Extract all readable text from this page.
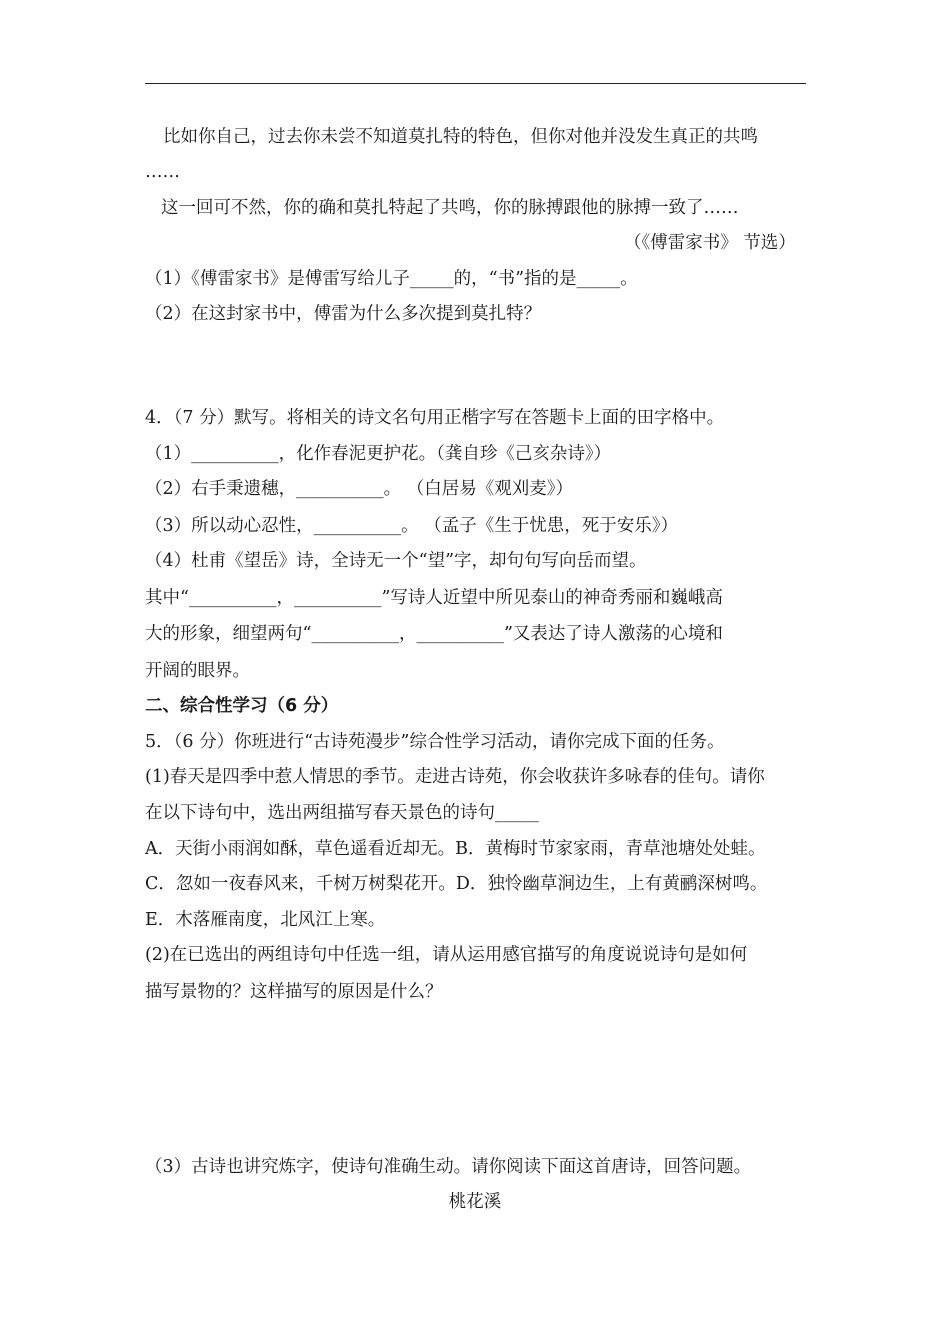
比如你自己，过去你未尝不知道莫扎特的特色，但你对他并没发生真正的共鸣
……
这一回可不然，你的确和莫扎特起了共鸣，你的脉搏跟他的脉搏一致了……
（《傅雷家书》 节选）
（1）《傅雷家书》是傅雷写给儿子_____的，“书”指的是_____。
（2）在这封家书中，傅雷为什么多次提到莫扎特？
4．（7 分）默写。将相关的诗文名句用正楷字写在答题卡上面的田字格中。
（1）__________，化作春泥更护花。（龚自珍《己亥杂诗》）
（2）右手秉遗穗，__________。 （白居易《观刈麦》）
（3）所以动心忍性，__________。 （孟子《生于忧患，死于安乐》）
（4）杜甫《望岳》诗，全诗无一个“望”字，却句句写向岳而望。
其中“__________，__________”写诗人近望中所见泰山的神奇秀丽和巍峨高
大的形象，细望两句“__________，__________”又表达了诗人激荡的心境和
开阔的眼界。
二、综合性学习（6 分）
5．（6 分）你班进行“古诗苑漫步”综合性学习活动，请你完成下面的任务。
(1)春天是四季中惹人情思的季节。走进古诗苑，你会收获许多咏春的佳句。请你
在以下诗句中，选出两组描写春天景色的诗句_____
A．天街小雨润如酥，草色遥看近却无。B．黄梅时节家家雨，青草池塘处处蛙。
C．忽如一夜春风来，千树万树梨花开。D．独怜幽草涧边生，上有黄鹂深树鸣。
E．木落雁南度，北风江上寒。
(2)在已选出的两组诗句中任选一组，请从运用感官描写的角度说说诗句是如何
描写景物的？这样描写的原因是什么？
（3）古诗也讲究炼字，使诗句准确生动。请你阅读下面这首唐诗，回答问题。
桃花溪
